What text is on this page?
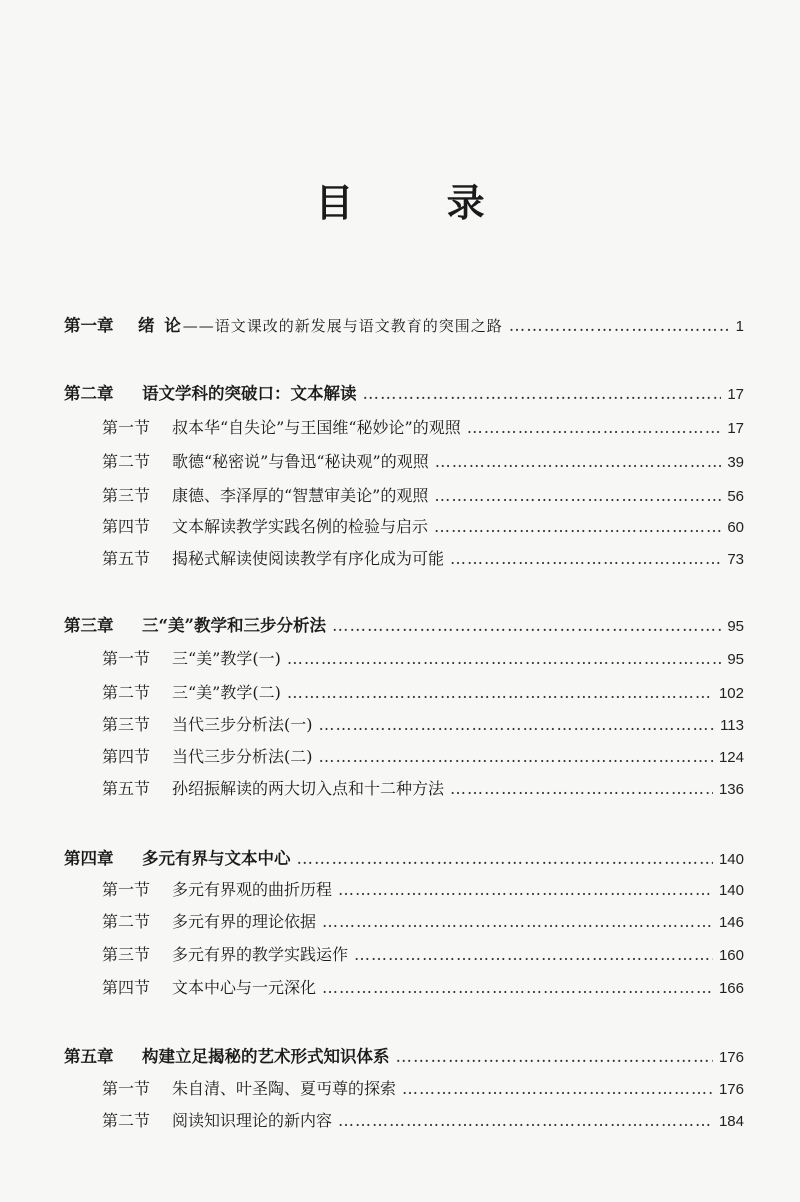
目 录
第一章	绪 论——语文课改的新发展与语文教育的突围之路 …………………………………………………………………………………………………………………………………………………………………………………………	1
第二章	语文学科的突破口：文本解读 …………………………………………………………………………………………………………………………………………………………………………………………	17
第一节	叔本华“自失论”与王国维“秘妙论”的观照 …………………………………………………………………………………………………………………………………………………………………………………………	17
第二节	歌德“秘密说”与鲁迅“秘诀观”的观照 …………………………………………………………………………………………………………………………………………………………………………………………	39
第三节	康德、李泽厚的“智慧审美论”的观照 …………………………………………………………………………………………………………………………………………………………………………………………	56
第四节	文本解读教学实践名例的检验与启示 …………………………………………………………………………………………………………………………………………………………………………………………	60
第五节	揭秘式解读使阅读教学有序化成为可能 …………………………………………………………………………………………………………………………………………………………………………………………	73
第三章	三“美”教学和三步分析法 …………………………………………………………………………………………………………………………………………………………………………………………	95
第一节	三“美”教学(一) …………………………………………………………………………………………………………………………………………………………………………………………	95
第二节	三“美”教学(二) …………………………………………………………………………………………………………………………………………………………………………………………	102
第三节	当代三步分析法(一) …………………………………………………………………………………………………………………………………………………………………………………………	113
第四节	当代三步分析法(二) …………………………………………………………………………………………………………………………………………………………………………………………	124
第五节	孙绍振解读的两大切入点和十二种方法 …………………………………………………………………………………………………………………………………………………………………………………………	136
第四章	多元有界与文本中心 …………………………………………………………………………………………………………………………………………………………………………………………	140
第一节	多元有界观的曲折历程 …………………………………………………………………………………………………………………………………………………………………………………………	140
第二节	多元有界的理论依据 …………………………………………………………………………………………………………………………………………………………………………………………	146
第三节	多元有界的教学实践运作 …………………………………………………………………………………………………………………………………………………………………………………………	160
第四节	文本中心与一元深化 …………………………………………………………………………………………………………………………………………………………………………………………	166
第五章	构建立足揭秘的艺术形式知识体系 …………………………………………………………………………………………………………………………………………………………………………………………	176
第一节	朱自清、叶圣陶、夏丏尊的探索 …………………………………………………………………………………………………………………………………………………………………………………………	176
第二节	阅读知识理论的新内容 …………………………………………………………………………………………………………………………………………………………………………………………	184
